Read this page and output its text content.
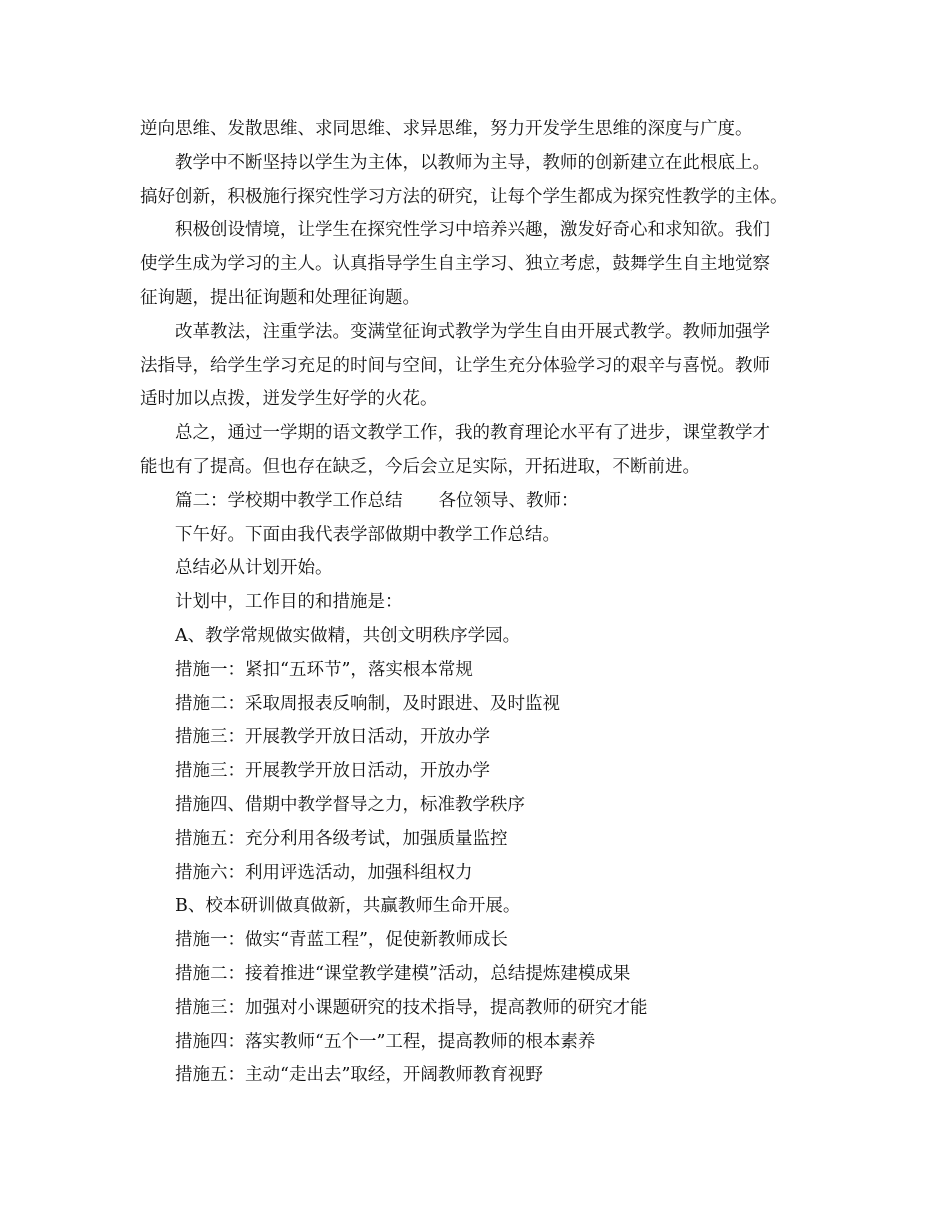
逆向思维、发散思维、求同思维、求异思维，努力开发学生思维的深度与广度。
教学中不断坚持以学生为主体，以教师为主导，教师的创新建立在此根底上。
搞好创新，积极施行探究性学习方法的研究，让每个学生都成为探究性教学的主体。
积极创设情境，让学生在探究性学习中培养兴趣，激发好奇心和求知欲。我们
使学生成为学习的主人。认真指导学生自主学习、独立考虑，鼓舞学生自主地觉察
征询题，提出征询题和处理征询题。
改革教法，注重学法。变满堂征询式教学为学生自由开展式教学。教师加强学
法指导，给学生学习充足的时间与空间，让学生充分体验学习的艰辛与喜悦。教师
适时加以点拨，迸发学生好学的火花。
总之，通过一学期的语文教学工作，我的教育理论水平有了进步，课堂教学才
能也有了提高。但也存在缺乏，今后会立足实际，开拓进取，不断前进。
篇二：学校期中教学工作总结 各位领导、教师：
下午好。下面由我代表学部做期中教学工作总结。
总结必从计划开始。
计划中，工作目的和措施是：
A、教学常规做实做精，共创文明秩序学园。
措施一：紧扣“五环节”，落实根本常规
措施二：采取周报表反响制，及时跟进、及时监视
措施三：开展教学开放日活动，开放办学
措施三：开展教学开放日活动，开放办学
措施四、借期中教学督导之力，标准教学秩序
措施五：充分利用各级考试，加强质量监控
措施六：利用评选活动，加强科组权力
B、校本研训做真做新，共赢教师生命开展。
措施一：做实“青蓝工程”，促使新教师成长
措施二：接着推进“课堂教学建模”活动，总结提炼建模成果
措施三：加强对小课题研究的技术指导，提高教师的研究才能
措施四：落实教师“五个一”工程，提高教师的根本素养
措施五：主动“走出去”取经，开阔教师教育视野
